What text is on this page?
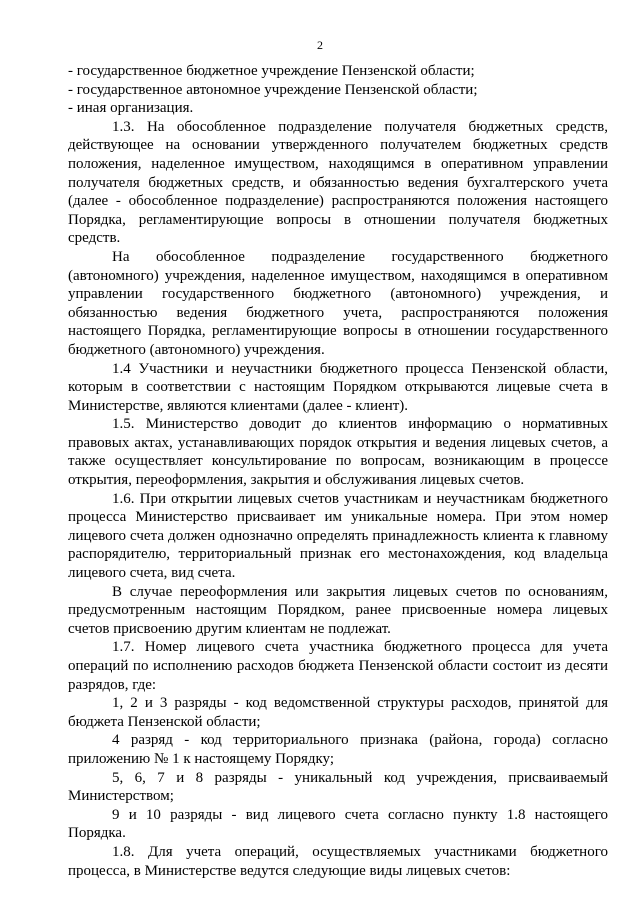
2

- государственное бюджетное учреждение Пензенской области;

- государственное автономное учреждение Пензенской области;

- иная организация.

1.3. На обособленное подразделение получателя бюджетных средств, действующее на основании утвержденного получателем бюджетных средств положения, наделенное имуществом, находящимся в оперативном управлении получателя бюджетных средств, и обязанностью ведения бухгалтерского учета (далее - обособленное подразделение) распространяются положения настоящего Порядка, регламентирующие вопросы в отношении получателя бюджетных средств.

На обособленное подразделение государственного бюджетного (автономного) учреждения, наделенное имуществом, находящимся в оперативном управлении государственного бюджетного (автономного) учреждения, и обязанностью ведения бюджетного учета, распространяются положения настоящего Порядка, регламентирующие вопросы в отношении государственного бюджетного (автономного) учреждения.

1.4 Участники и неучастники бюджетного процесса Пензенской области, которым в соответствии с настоящим Порядком открываются лицевые счета в Министерстве, являются клиентами (далее - клиент).

1.5. Министерство доводит до клиентов информацию о нормативных правовых актах, устанавливающих порядок открытия и ведения лицевых счетов, а также осуществляет консультирование по вопросам, возникающим в процессе открытия, переоформления, закрытия и обслуживания лицевых счетов.

1.6. При открытии лицевых счетов участникам и неучастникам бюджетного процесса Министерство присваивает им уникальные номера. При этом номер лицевого счета должен однозначно определять принадлежность клиента к главному распорядителю, территориальный признак его местонахождения, код владельца лицевого счета, вид счета.

В случае переоформления или закрытия лицевых счетов по основаниям, предусмотренным настоящим Порядком, ранее присвоенные номера лицевых счетов присвоению другим клиентам не подлежат.

1.7. Номер лицевого счета участника бюджетного процесса для учета операций по исполнению расходов бюджета Пензенской области состоит из десяти разрядов, где:

1, 2 и 3 разряды - код ведомственной структуры расходов, принятой для бюджета Пензенской области;

4 разряд - код территориального признака (района, города) согласно приложению № 1 к настоящему Порядку;

5, 6, 7 и 8 разряды - уникальный код учреждения, присваиваемый Министерством;

9 и 10 разряды - вид лицевого счета согласно пункту 1.8 настоящего Порядка.

1.8. Для учета операций, осуществляемых участниками бюджетного процесса, в Министерстве ведутся следующие виды лицевых счетов:
